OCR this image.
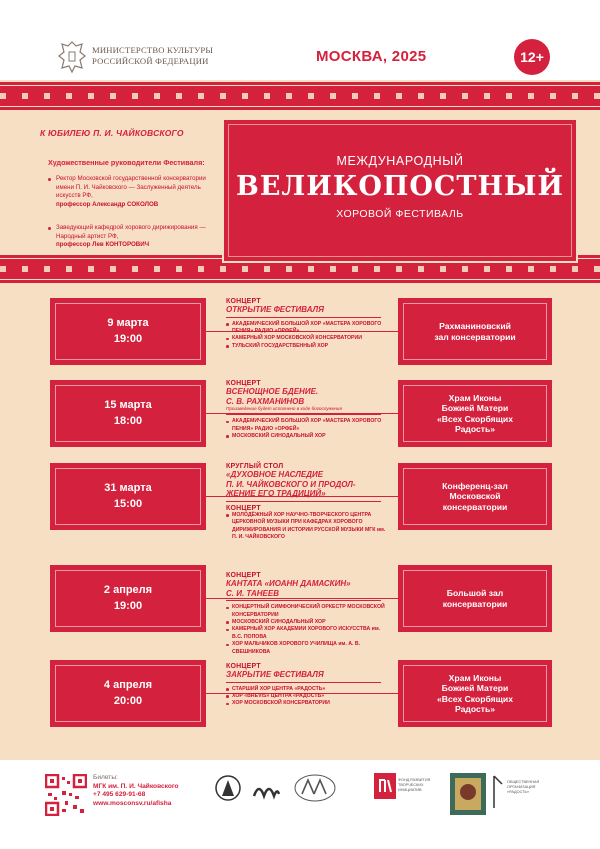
МИНИСТЕРСТВО КУЛЬТУРЫ
РОССИЙСКОЙ ФЕДЕРАЦИИ	МОСКВА, 2025	12+
К ЮБИЛЕЮ П. И. ЧАЙКОВСКОГО
Художественные руководители Фестиваля:
Ректор Московской государственной консерватории имени П. И. Чайковского — Заслуженный деятель искусств РФ,
профессор Александр СОКОЛОВ
Заведующий кафедрой хорового дирижирования — Народный артист РФ,
профессор Лев КОНТОРОВИЧ
МЕЖДУНАРОДНЫЙ
ВЕЛИКОПОСТНЫЙ
ХОРОВОЙ ФЕСТИВАЛЬ
9 марта
19:00
КОНЦЕРТ
ОТКРЫТИЕ ФЕСТИВАЛЯ
АКАДЕМИЧЕСКИЙ БОЛЬШОЙ ХОР «МАСТЕРА ХОРОВОГО ПЕНИЯ» РАДИО «ОРФЕЙ»
КАМЕРНЫЙ ХОР МОСКОВСКОЙ КОНСЕРВАТОРИИ
ТУЛЬСКИЙ ГОСУДАРСТВЕННЫЙ ХОР
Рахманиновский
зал консерватории
15 марта
18:00
КОНЦЕРТ
ВСЕНОЩНОЕ БДЕНИЕ.
С. В. РАХМАНИНОВ
Произведение будет исполнено в ходе богослужения
АКАДЕМИЧЕСКИЙ БОЛЬШОЙ ХОР «МАСТЕРА ХОРОВОГО ПЕНИЯ» РАДИО «ОРФЕЙ»
МОСКОВСКИЙ СИНОДАЛЬНЫЙ ХОР
Храм Иконы
Божией Матери
«Всех Скорбящих
Радость»
31 марта
15:00
КРУГЛЫЙ СТОЛ
«ДУХОВНОЕ НАСЛЕДИЕ
П. И. ЧАЙКОВСКОГО И ПРОДОЛ-
ЖЕНИЕ ЕГО ТРАДИЦИЙ»
КОНЦЕРТ
МОЛОДЁЖНЫЙ ХОР НАУЧНО-ТВОРЧЕСКОГО ЦЕНТРА ЦЕРКОВНОЙ МУЗЫКИ ПРИ КАФЕДРАХ ХОРОВОГО ДИРИЖИРОВАНИЯ И ИСТОРИИ РУССКОЙ МУЗЫКИ МГК им. П. И. ЧАЙКОВСКОГО
Конференц-зал
Московской
консерватории
2 апреля
19:00
КОНЦЕРТ
КАНТАТА «ИОАНН ДАМАСКИН»
С. И. ТАНЕЕВ
КОНЦЕРТНЫЙ СИМФОНИЧЕСКИЙ ОРКЕСТР МОСКОВСКОЙ КОНСЕРВАТОРИИ
МОСКОВСКИЙ СИНОДАЛЬНЫЙ ХОР
КАМЕРНЫЙ ХОР АКАДЕМИИ ХОРОВОГО ИСКУССТВА им. В.С. ПОПОВА
ХОР МАЛЬЧИКОВ ХОРОВОГО УЧИЛИЩА им. А. В. СВЕШНИКОВА
Большой зал
консерватории
4 апреля
20:00
КОНЦЕРТ
ЗАКРЫТИЕ ФЕСТИВАЛЯ
СТАРШИЙ ХОР ЦЕНТРА «РАДОСТЬ»
ХОР «BREVIS» ЦЕНТРА «РАДОСТЬ»
ХОР МОСКОВСКОЙ КОНСЕРВАТОРИИ
Храм Иконы
Божией Матери
«Всех Скорбящих
Радость»
Билеты:
МГК им. П. И. Чайковского
+7 495 629-91-68
www.mosconsv.ru/afisha
ФОНД РАЗВИТИЯ ТВОРЧЕСКИХ ИНИЦИАТИВ
ОБЩЕСТВЕННАЯ ОРГАНИЗАЦИЯ «РАДОСТЬ»
